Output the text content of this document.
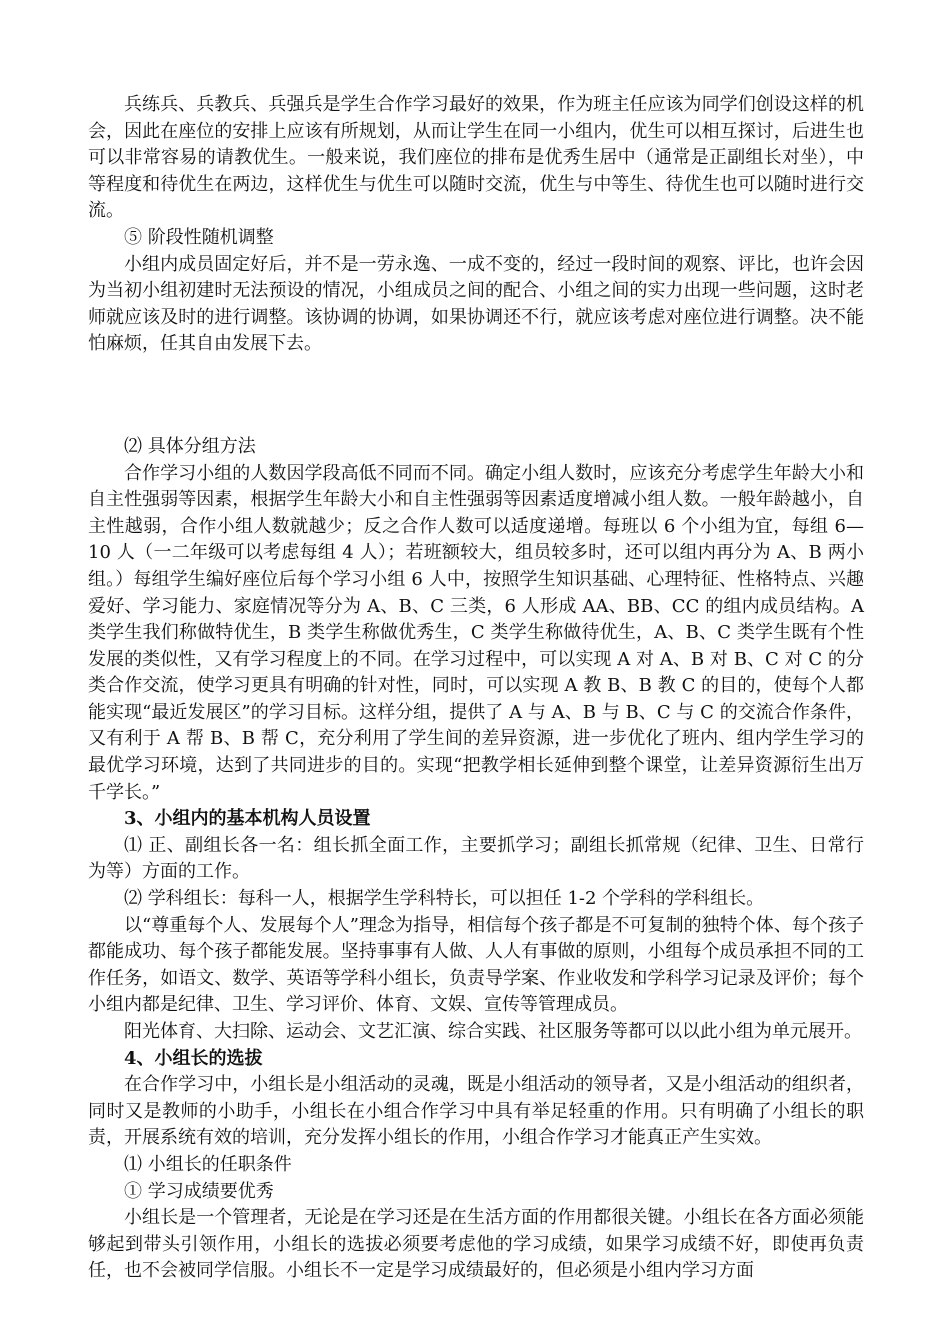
兵练兵、兵教兵、兵强兵是学生合作学习最好的效果，作为班主任应该为同学们创设这样的机会，因此在座位的安排上应该有所规划，从而让学生在同一小组内，优生可以相互探讨，后进生也可以非常容易的请教优生。一般来说，我们座位的排布是优秀生居中（通常是正副组长对坐），中等程度和待优生在两边，这样优生与优生可以随时交流，优生与中等生、待优生也可以随时进行交流。

⑤ 阶段性随机调整

小组内成员固定好后，并不是一劳永逸、一成不变的，经过一段时间的观察、评比，也许会因为当初小组初建时无法预设的情况，小组成员之间的配合、小组之间的实力出现一些问题，这时老师就应该及时的进行调整。该协调的协调，如果协调还不行，就应该考虑对座位进行调整。决不能怕麻烦，任其自由发展下去。

⑵ 具体分组方法

合作学习小组的人数因学段高低不同而不同。确定小组人数时，应该充分考虑学生年龄大小和自主性强弱等因素，根据学生年龄大小和自主性强弱等因素适度增减小组人数。一般年龄越小，自主性越弱，合作小组人数就越少；反之合作人数可以适度递增。每班以 6 个小组为宜，每组 6—10 人（一二年级可以考虑每组 4 人）；若班额较大，组员较多时，还可以组内再分为 A、B 两小组。）每组学生编好座位后每个学习小组 6 人中，按照学生知识基础、心理特征、性格特点、兴趣爱好、学习能力、家庭情况等分为 A、B、C 三类，6 人形成 AA、BB、CC 的组内成员结构。A 类学生我们称做特优生，B 类学生称做优秀生，C 类学生称做待优生，A、B、C 类学生既有个性发展的类似性，又有学习程度上的不同。在学习过程中，可以实现 A 对 A、B 对 B、C 对 C 的分类合作交流，使学习更具有明确的针对性，同时，可以实现 A 教 B、B 教 C 的目的，使每个人都能实现“最近发展区”的学习目标。这样分组，提供了 A 与 A、B 与 B、C 与 C 的交流合作条件，又有利于 A 帮 B、B 帮 C，充分利用了学生间的差异资源，进一步优化了班内、组内学生学习的最优学习环境，达到了共同进步的目的。实现“把教学相长延伸到整个课堂，让差异资源衍生出万千学长。”

3、小组内的基本机构人员设置

⑴ 正、副组长各一名：组长抓全面工作，主要抓学习；副组长抓常规（纪律、卫生、日常行为等）方面的工作。

⑵ 学科组长：每科一人，根据学生学科特长，可以担任 1-2 个学科的学科组长。

以“尊重每个人、发展每个人”理念为指导，相信每个孩子都是不可复制的独特个体、每个孩子都能成功、每个孩子都能发展。坚持事事有人做、人人有事做的原则，小组每个成员承担不同的工作任务，如语文、数学、英语等学科小组长，负责导学案、作业收发和学科学习记录及评价；每个小组内都是纪律、卫生、学习评价、体育、文娱、宣传等管理成员。

阳光体育、大扫除、运动会、文艺汇演、综合实践、社区服务等都可以以此小组为单元展开。

4、小组长的选拔

在合作学习中，小组长是小组活动的灵魂，既是小组活动的领导者，又是小组活动的组织者，同时又是教师的小助手，小组长在小组合作学习中具有举足轻重的作用。只有明确了小组长的职责，开展系统有效的培训，充分发挥小组长的作用，小组合作学习才能真正产生实效。

⑴ 小组长的任职条件

① 学习成绩要优秀

小组长是一个管理者，无论是在学习还是在生活方面的作用都很关键。小组长在各方面必须能够起到带头引领作用，小组长的选拔必须要考虑他的学习成绩，如果学习成绩不好，即使再负责任，也不会被同学信服。小组长不一定是学习成绩最好的，但必须是小组内学习方面
